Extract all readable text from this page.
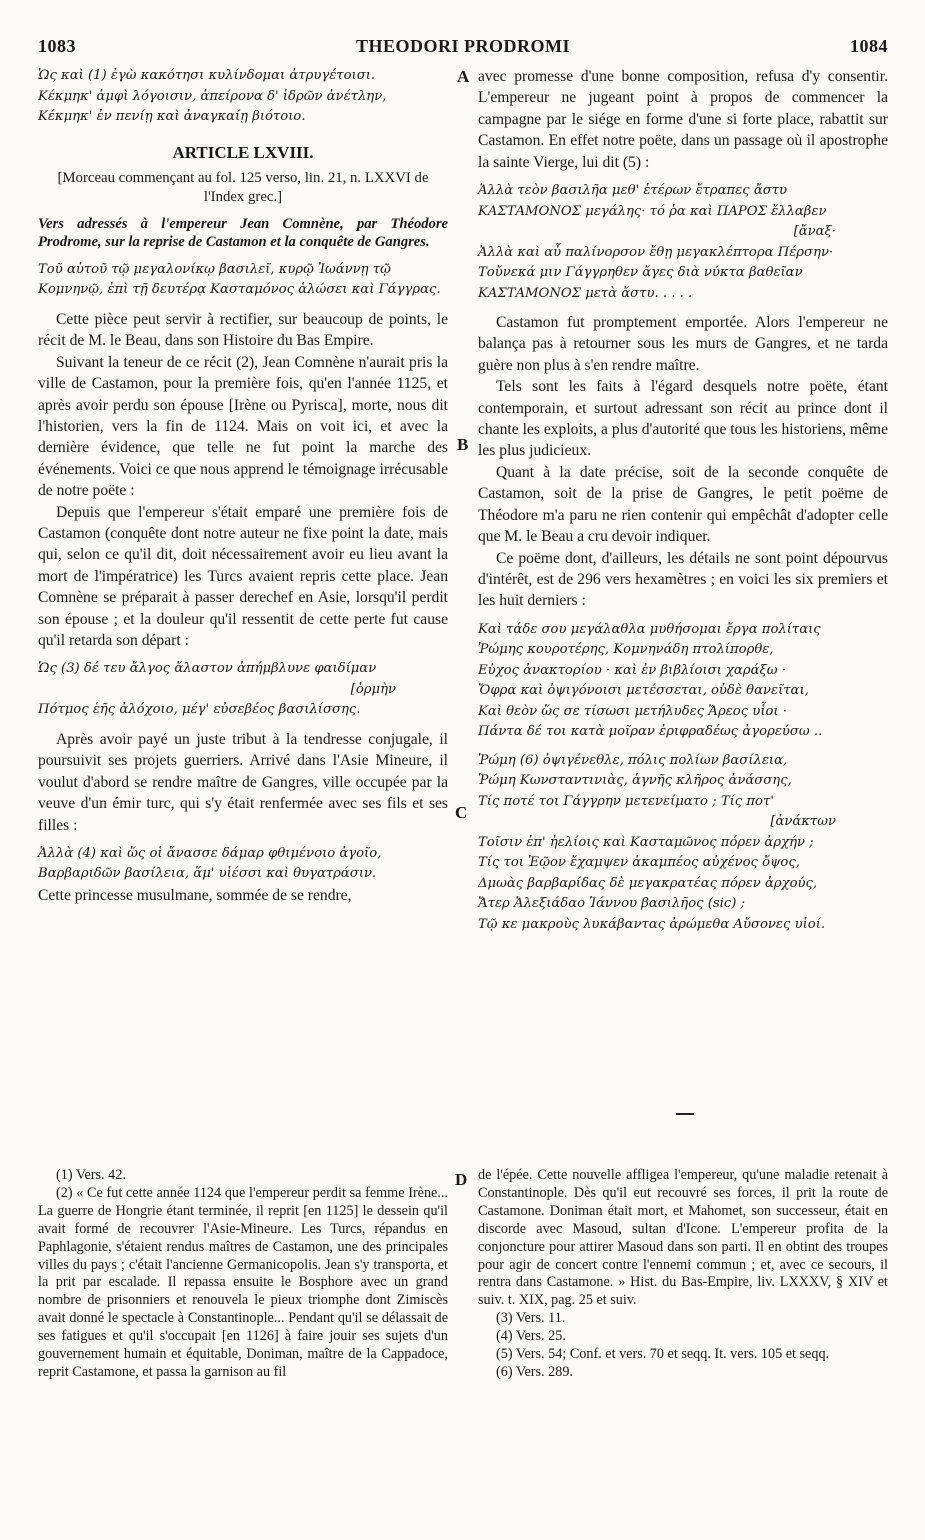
1083	THEODORI PRODROMI	1084
A
B
C
D

Ὡς καὶ (1) ἐγὼ κακότησι κυλίνδομαι ἀτρυγέτοισι.

Κέκμηκ' ἀμφὶ λόγοισιν, ἀπείρονα δ' ἱδρῶν ἀνέτλην,

Κέκμηκ' ἐν πενίῃ καὶ ἀναγκαίῃ βιότοιο.

ARTICLE LXVIII.

[Morceau commençant au fol. 125 verso, lin. 21, n. LXXVI de l'Index grec.]

Vers adressés à l'empereur Jean Comnène, par Théodore Prodrome, sur la reprise de Castamon et la conquête de Gangres.

Τοῦ αὐτοῦ τῷ μεγαλονίκῳ βασιλεῖ, κυρῷ Ἰωάννῃ τῷ Κομνηνῷ, ἐπὶ τῇ δευτέρᾳ Κασταμόνος ἁλώσει καὶ Γάγγρας.

Cette pièce peut servir à rectifier, sur beaucoup de points, le récit de M. le Beau, dans son Histoire du Bas Empire.

Suivant la teneur de ce récit (2), Jean Comnène n'aurait pris la ville de Castamon, pour la première fois, qu'en l'année 1125, et après avoir perdu son épouse [Irène ou Pyrisca], morte, nous dit l'historien, vers la fin de 1124. Mais on voit ici, et avec la dernière évidence, que telle ne fut point la marche des événements. Voici ce que nous apprend le témoignage irrécusable de notre poëte :

Depuis que l'empereur s'était emparé une première fois de Castamon (conquête dont notre auteur ne fixe point la date, mais qui, selon ce qu'il dit, doit nécessairement avoir eu lieu avant la mort de l'impératrice) les Turcs avaient repris cette place. Jean Comnène se préparait à passer derechef en Asie, lorsqu'il perdit son épouse ; et la douleur qu'il ressentit de cette perte fut cause qu'il retarda son départ :

Ὡς (3) δέ τευ ἄλγος ἄλαστον ἀπήμβλυνε φαιδίμαν

[ὁρμὴν

Πότμος ἑῆς ἀλόχοιο, μέγ' εὐσεβέος βασιλίσσης.

Après avoir payé un juste tribut à la tendresse conjugale, il poursuivit ses projets guerriers. Arrivé dans l'Asie Mineure, il voulut d'abord se rendre maître de Gangres, ville occupée par la veuve d'un émir turc, qui s'y était renfermée avec ses fils et ses filles :

Ἀλλὰ (4) καὶ ὥς οἱ ἄνασσε δάμαρ φθιμένοιο ἀγοῖο,

Βαρβαριδῶν βασίλεια, ἅμ' υἱέσσι καὶ θυγατράσιν.

Cette princesse musulmane, sommée de se rendre,

avec promesse d'une bonne composition, refusa d'y consentir. L'empereur ne jugeant point à propos de commencer la campagne par le siége en forme d'une si forte place, rabattit sur Castamon. En effet notre poëte, dans un passage où il apostrophe la sainte Vierge, lui dit (5) :

Ἀλλὰ τεὸν βασιλῆα μεθ' ἑτέρων ἔτραπες ἄστυ

ΚΑΣΤΑΜΟΝΟΣ μεγάλης· τό ῥα καὶ ΠΑΡΟΣ ἔλλαβεν

[ἄναξ·

Ἀλλὰ καὶ αὖ παλίνορσον ἔθῃ μεγακλέπτορα Πέρσην·

Τοὔνεκά μιν Γάγγρηθεν ἄγες διὰ νύκτα βαθεῖαν

ΚΑΣΤΑΜΟΝΟΣ μετὰ ἄστυ. . . . .

Castamon fut promptement emportée. Alors l'empereur ne balança pas à retourner sous les murs de Gangres, et ne tarda guère non plus à s'en rendre maître.

Tels sont les faits à l'égard desquels notre poëte, étant contemporain, et surtout adressant son récit au prince dont il chante les exploits, a plus d'autorité que tous les historiens, même les plus judicieux.

Quant à la date précise, soit de la seconde conquête de Castamon, soit de la prise de Gangres, le petit poëme de Théodore m'a paru ne rien contenir qui empêchât d'adopter celle que M. le Beau a cru devoir indiquer.

Ce poëme dont, d'ailleurs, les détails ne sont point dépourvus d'intérêt, est de 296 vers hexamètres ; en voici les six premiers et les huit derniers :

Καὶ τάδε σου μεγάλαθλα μυθήσομαι ἔργα πολίταις

Ῥώμης κουροτέρης, Κομνηνάδη πτολίπορθε,

Εὐχος ἀνακτορίου · καὶ ἐν βιβλίοισι χαράξω ·

Ὄφρα καὶ ὀψιγόνοισι μετέσσεται, οὐδὲ θανεῖται,

Καὶ θεὸν ὥς σε τίσωσι μετήλυδες Ἄρεος υἷοι ·

Πάντα δέ τοι κατὰ μοῖραν ἐριφραδέως ἀγορεύσω ..

Ῥώμη (6) ὀψιγένεθλε, πόλις πολίων βασίλεια,

Ῥώμη Κωνσταντινιὰς, ἁγνῆς κλῆρος ἀνάσσης,

Τίς ποτέ τοι Γάγγρην μετενείματο ; Τίς ποτ'

[ἀνάκτων

Τοῖσιν ἐπ' ἠελίοις καὶ Κασταμῶνος πόρεν ἀρχήν ;

Τίς τοι Ἑῷον ἔχαμψεν ἀκαμπέος αὐχένος ὄψος,

Δμωὰς βαρβαρίδας δὲ μεγακρατέας πόρεν ἀρχούς,

Ἄτερ Ἀλεξιάδαο Ἰάννου βασιλῆος (sic) ;

Τῷ κε μακροὺς λυκάβαντας ἀρώμεθα Αὔσονες υἱοί.

(1) Vers. 42.

(2) « Ce fut cette année 1124 que l'empereur perdit sa femme Irène... La guerre de Hongrie étant terminée, il reprit [en 1125] le dessein qu'il avait formé de recouvrer l'Asie-Mineure. Les Turcs, répandus en Paphlagonie, s'étaient rendus maîtres de Castamon, une des principales villes du pays ; c'était l'ancienne Germanicopolis. Jean s'y transporta, et la prit par escalade. Il repassa ensuite le Bosphore avec un grand nombre de prisonniers et renouvela le pieux triomphe dont Zimiscès avait donné le spectacle à Constantinople... Pendant qu'il se délassait de ses fatigues et qu'il s'occupait [en 1126] à faire jouir ses sujets d'un gouvernement humain et équitable, Doniman, maître de la Cappadoce, reprit Castamone, et passa la garnison au fil

de l'épée. Cette nouvelle affligea l'empereur, qu'une maladie retenait à Constantinople. Dès qu'il eut recouvré ses forces, il prit la route de Castamone. Doniman était mort, et Mahomet, son successeur, était en discorde avec Masoud, sultan d'Icone. L'empereur profita de la conjoncture pour attirer Masoud dans son parti. Il en obtint des troupes pour agir de concert contre l'ennemi commun ; et, avec ce secours, il rentra dans Castamone. » Hist. du Bas-Empire, liv. LXXXV, § XIV et suiv. t. XIX, pag. 25 et suiv.

(3) Vers. 11.

(4) Vers. 25.

(5) Vers. 54; Conf. et vers. 70 et seqq. It. vers. 105 et seqq.

(6) Vers. 289.
